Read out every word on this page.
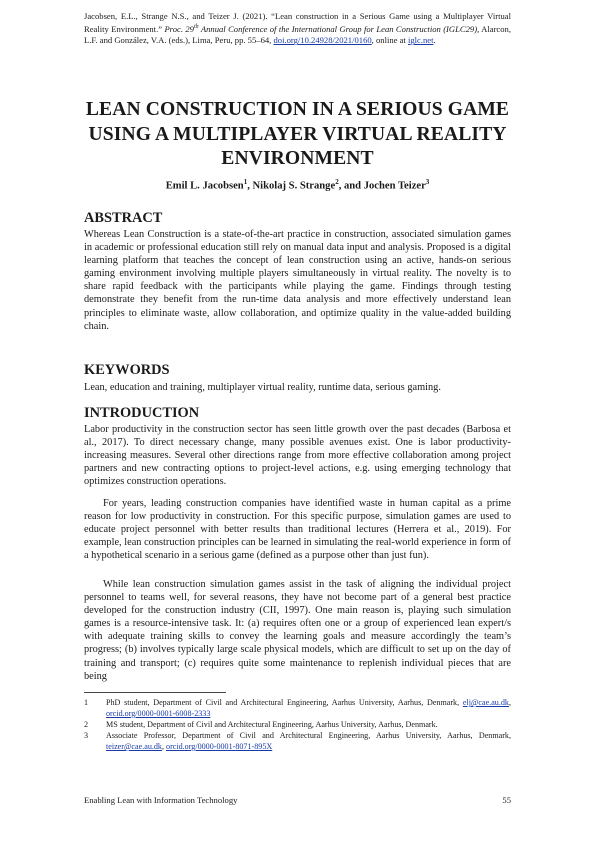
Jacobsen, E.L., Strange N.S., and Teizer J. (2021). “Lean construction in a Serious Game using a Multiplayer Virtual Reality Environment.” Proc. 29th Annual Conference of the International Group for Lean Construction (IGLC29), Alarcon, L.F. and González, V.A. (eds.), Lima, Peru, pp. 55–64, doi.org/10.24928/2021/0160, online at iglc.net.
LEAN CONSTRUCTION IN A SERIOUS GAME USING A MULTIPLAYER VIRTUAL REALITY ENVIRONMENT
Emil L. Jacobsen$^1$, Nikolaj S. Strange$^2$, and Jochen Teizer$^3$
ABSTRACT

Whereas Lean Construction is a state-of-the-art practice in construction, associated simulation games in academic or professional education still rely on manual data input and analysis. Proposed is a digital learning platform that teaches the concept of lean construction using an active, hands-on serious gaming environment involving multiple players simultaneously in virtual reality. The novelty is to share rapid feedback with the participants while playing the game. Findings through testing demonstrate they benefit from the run-time data analysis and more effectively understand lean principles to eliminate waste, allow collaboration, and optimize quality in the value-added building chain.

KEYWORDS

Lean, education and training, multiplayer virtual reality, runtime data, serious gaming.

INTRODUCTION

Labor productivity in the construction sector has seen little growth over the past decades (Barbosa et al., 2017). To direct necessary change, many possible avenues exist. One is labor productivity-increasing measures. Several other directions range from more effective collaboration among project partners and new contracting options to project-level actions, e.g. using emerging technology that optimizes construction operations.

For years, leading construction companies have identified waste in human capital as a prime reason for low productivity in construction. For this specific purpose, simulation games are used to educate project personnel with better results than traditional lectures (Herrera et al., 2019). For example, lean construction principles can be learned in simulating the real-world experience in form of a hypothetical scenario in a serious game (defined as a purpose other than just fun).

While lean construction simulation games assist in the task of aligning the individual project personnel to teams well, for several reasons, they have not become part of a general best practice developed for the construction industry (CII, 1997). One main reason is, playing such simulation games is a resource-intensive task. It: (a) requires often one or a group of experienced lean expert/s with adequate training skills to convey the learning goals and measure accordingly the team’s progress; (b) involves typically large scale physical models, which are difficult to set up on the day of training and transport; (c) requires quite some maintenance to replenish individual pieces that are being

1 PhD student, Department of Civil and Architectural Engineering, Aarhus University, Aarhus, Denmark, elj@cae.au.dk, orcid.org/0000-0001-6008-2333
2 MS student, Department of Civil and Architectural Engineering, Aarhus University, Aarhus, Denmark.
3 Associate Professor, Department of Civil and Architectural Engineering, Aarhus University, Aarhus, Denmark, teizer@cae.au.dk, orcid.org/0000-0001-8071-895X
Enabling Lean with Information Technology	55
